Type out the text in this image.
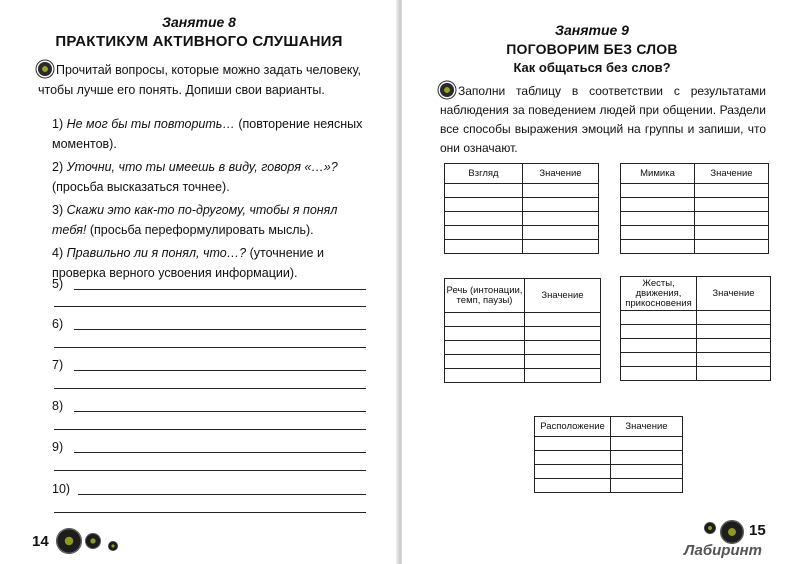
Занятие 8
ПРАКТИКУМ АКТИВНОГО СЛУШАНИЯ
Прочитай вопросы, которые можно задать человеку, чтобы лучше его понять. Допиши свои варианты.
1) Не мог бы ты повторить… (повторение неясных моментов).
2) Уточни, что ты имеешь в виду, говоря «…»? (просьба высказаться точнее).
3) Скажи это как-то по-другому, чтобы я понял тебя! (просьба переформулировать мысль).
4) Правильно ли я понял, что…? (уточнение и проверка верного усвоения информации).
5)
6)
7)
8)
9)
10)
14
Занятие 9
ПОГОВОРИМ БЕЗ СЛОВ
Как общаться без слов?
Заполни таблицу в соответствии с результатами наблюдения за поведением людей при общении. Раздели все способы выражения эмоций на группы и запиши, что они означают.
Взгляд	Значение

		Мимика	Значение

Речь (интонации, темп, паузы)	Значение

Жесты, движения, прикосновения	Значение

Расположение	Значение

15
Лабиринт
